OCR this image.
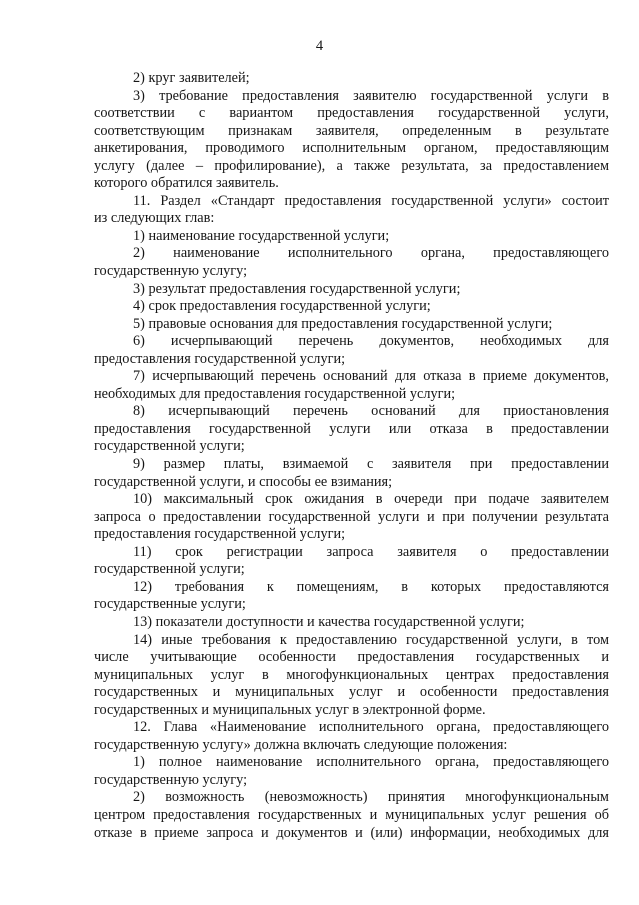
4
2) круг заявителей;
3) требование предоставления заявителю государственной услуги в
соответствии с вариантом предоставления государственной услуги,
соответствующим признакам заявителя, определенным в результате
анкетирования, проводимого исполнительным органом, предоставляющим
услугу (далее – профилирование), а также результата, за предоставлением
которого обратился заявитель.
11. Раздел «Стандарт предоставления государственной услуги» состоит
из следующих глав:
1) наименование государственной услуги;
2) наименование исполнительного органа, предоставляющего
государственную услугу;
3) результат предоставления государственной услуги;
4) срок предоставления государственной услуги;
5) правовые основания для предоставления государственной услуги;
6) исчерпывающий перечень документов, необходимых для
предоставления государственной услуги;
7) исчерпывающий перечень оснований для отказа в приеме документов,
необходимых для предоставления государственной услуги;
8) исчерпывающий перечень оснований для приостановления
предоставления государственной услуги или отказа в предоставлении
государственной услуги;
9) размер платы, взимаемой с заявителя при предоставлении
государственной услуги, и способы ее взимания;
10) максимальный срок ожидания в очереди при подаче заявителем
запроса о предоставлении государственной услуги и при получении результата
предоставления государственной услуги;
11) срок регистрации запроса заявителя о предоставлении
государственной услуги;
12) требования к помещениям, в которых предоставляются
государственные услуги;
13) показатели доступности и качества государственной услуги;
14) иные требования к предоставлению государственной услуги, в том
числе учитывающие особенности предоставления государственных и
муниципальных услуг в многофункциональных центрах предоставления
государственных и муниципальных услуг и особенности предоставления
государственных и муниципальных услуг в электронной форме.
12. Глава «Наименование исполнительного органа, предоставляющего
государственную услугу» должна включать следующие положения:
1) полное наименование исполнительного органа, предоставляющего
государственную услугу;
2) возможность (невозможность) принятия многофункциональным
центром предоставления государственных и муниципальных услуг решения об
отказе в приеме запроса и документов и (или) информации, необходимых для
